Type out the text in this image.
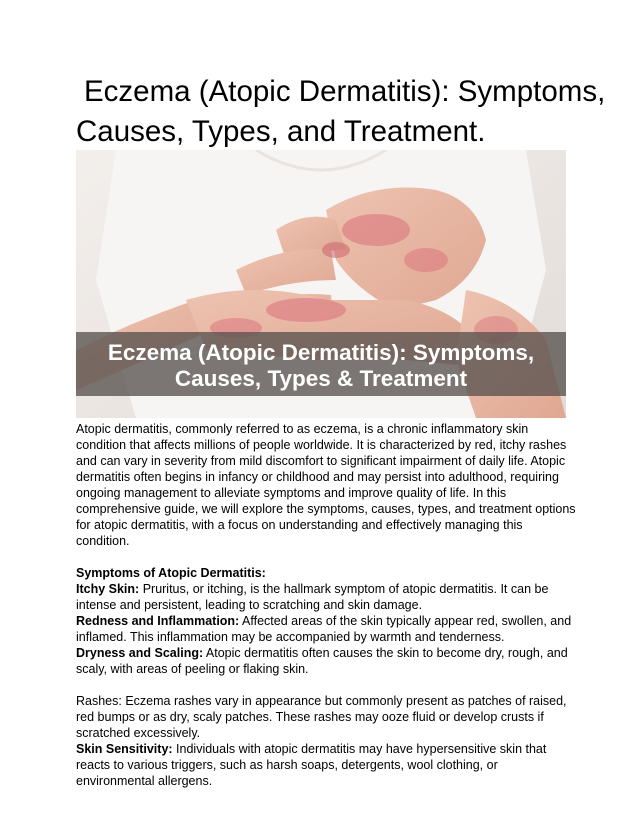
Eczema (Atopic Dermatitis): Symptoms,
Causes, Types, and Treatment.
Eczema (Atopic Dermatitis): Symptoms,
Causes, Types & Treatment

Atopic dermatitis, commonly referred to as eczema, is a chronic inflammatory skin condition that affects millions of people worldwide. It is characterized by red, itchy rashes and can vary in severity from mild discomfort to significant impairment of daily life. Atopic dermatitis often begins in infancy or childhood and may persist into adulthood, requiring ongoing management to alleviate symptoms and improve quality of life. In this comprehensive guide, we will explore the symptoms, causes, types, and treatment options for atopic dermatitis, with a focus on understanding and effectively managing this condition.

Symptoms of Atopic Dermatitis:

Itchy Skin: Pruritus, or itching, is the hallmark symptom of atopic dermatitis. It can be intense and persistent, leading to scratching and skin damage.

Redness and Inflammation: Affected areas of the skin typically appear red, swollen, and inflamed. This inflammation may be accompanied by warmth and tenderness.

Dryness and Scaling: Atopic dermatitis often causes the skin to become dry, rough, and scaly, with areas of peeling or flaking skin.

Rashes: Eczema rashes vary in appearance but commonly present as patches of raised, red bumps or as dry, scaly patches. These rashes may ooze fluid or develop crusts if scratched excessively.

Skin Sensitivity: Individuals with atopic dermatitis may have hypersensitive skin that reacts to various triggers, such as harsh soaps, detergents, wool clothing, or environmental allergens.
